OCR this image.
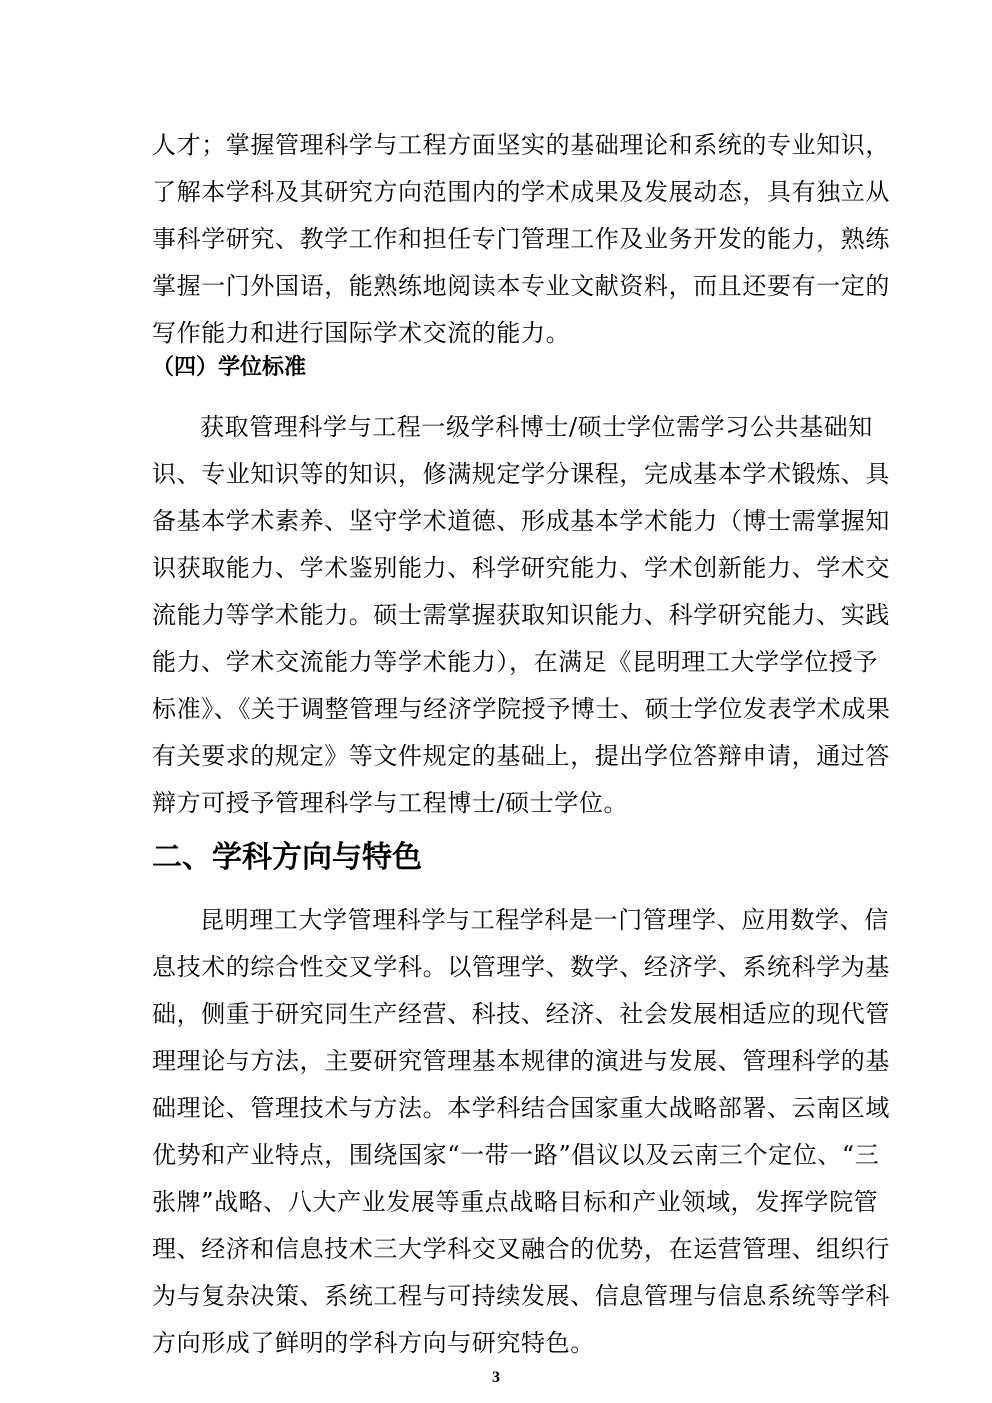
人才；掌握管理科学与工程方面坚实的基础理论和系统的专业知识，
了解本学科及其研究方向范围内的学术成果及发展动态，具有独立从
事科学研究、教学工作和担任专门管理工作及业务开发的能力，熟练
掌握一门外国语，能熟练地阅读本专业文献资料，而且还要有一定的
写作能力和进行国际学术交流的能力。
（四）学位标准
获取管理科学与工程一级学科博士/硕士学位需学习公共基础知
识、专业知识等的知识，修满规定学分课程，完成基本学术锻炼、具
备基本学术素养、坚守学术道德、形成基本学术能力（博士需掌握知
识获取能力、学术鉴别能力、科学研究能力、学术创新能力、学术交
流能力等学术能力。硕士需掌握获取知识能力、科学研究能力、实践
能力、学术交流能力等学术能力），在满足《昆明理工大学学位授予
标准》、《关于调整管理与经济学院授予博士、硕士学位发表学术成果
有关要求的规定》等文件规定的基础上，提出学位答辩申请，通过答
辩方可授予管理科学与工程博士/硕士学位。
二、学科方向与特色
昆明理工大学管理科学与工程学科是一门管理学、应用数学、信
息技术的综合性交叉学科。以管理学、数学、经济学、系统科学为基
础，侧重于研究同生产经营、科技、经济、社会发展相适应的现代管
理理论与方法，主要研究管理基本规律的演进与发展、管理科学的基
础理论、管理技术与方法。本学科结合国家重大战略部署、云南区域
优势和产业特点，围绕国家“一带一路”倡议以及云南三个定位、“三
张牌”战略、八大产业发展等重点战略目标和产业领域，发挥学院管
理、经济和信息技术三大学科交叉融合的优势，在运营管理、组织行
为与复杂决策、系统工程与可持续发展、信息管理与信息系统等学科
方向形成了鲜明的学科方向与研究特色。
3
